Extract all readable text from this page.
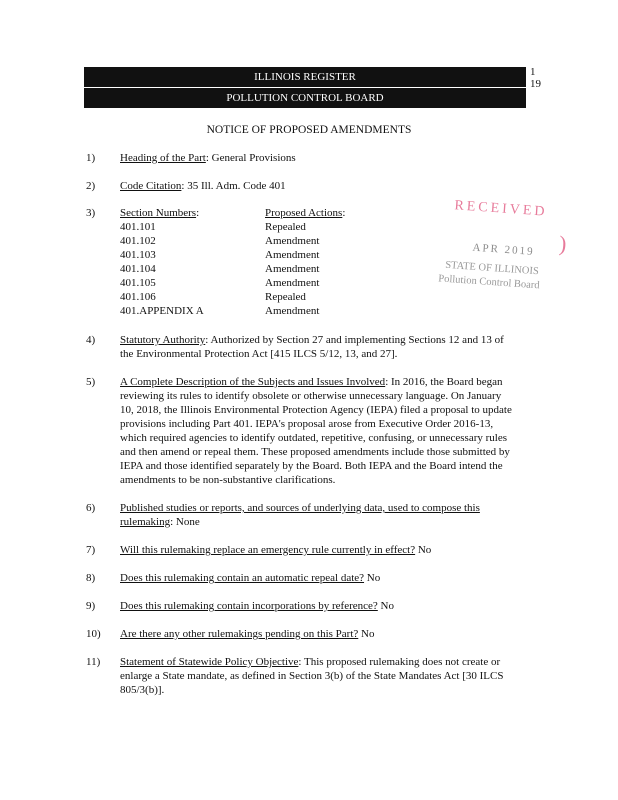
ILLINOIS REGISTER	1
19
POLLUTION CONTROL BOARD
NOTICE OF PROPOSED AMENDMENTS
1) Heading of the Part: General Provisions
2) Code Citation: 35 Ill. Adm. Code 401
3) Section Numbers:	Proposed Actions:
401.101	Repealed
401.102	Amendment
401.103	Amendment
401.104	Amendment
401.105	Amendment
401.106	Repealed
401.APPENDIX A	Amendment
RECEIVED
)
APR 2019
STATE OF ILLINOIS
Pollution Control Board
4) Statutory Authority: Authorized by Section 27 and implementing Sections 12 and 13 of
the Environmental Protection Act [415 ILCS 5/12, 13, and 27].
5) A Complete Description of the Subjects and Issues Involved: In 2016, the Board began
reviewing its rules to identify obsolete or otherwise unnecessary language. On January
10, 2018, the Illinois Environmental Protection Agency (IEPA) filed a proposal to update
provisions including Part 401. IEPA's proposal arose from Executive Order 2016-13,
which required agencies to identify outdated, repetitive, confusing, or unnecessary rules
and then amend or repeal them. These proposed amendments include those submitted by
IEPA and those identified separately by the Board. Both IEPA and the Board intend the
amendments to be non-substantive clarifications.
6) Published studies or reports, and sources of underlying data, used to compose this
rulemaking: None
7) Will this rulemaking replace an emergency rule currently in effect? No
8) Does this rulemaking contain an automatic repeal date? No
9) Does this rulemaking contain incorporations by reference? No
10) Are there any other rulemakings pending on this Part? No
11) Statement of Statewide Policy Objective: This proposed rulemaking does not create or
enlarge a State mandate, as defined in Section 3(b) of the State Mandates Act [30 ILCS
805/3(b)].
